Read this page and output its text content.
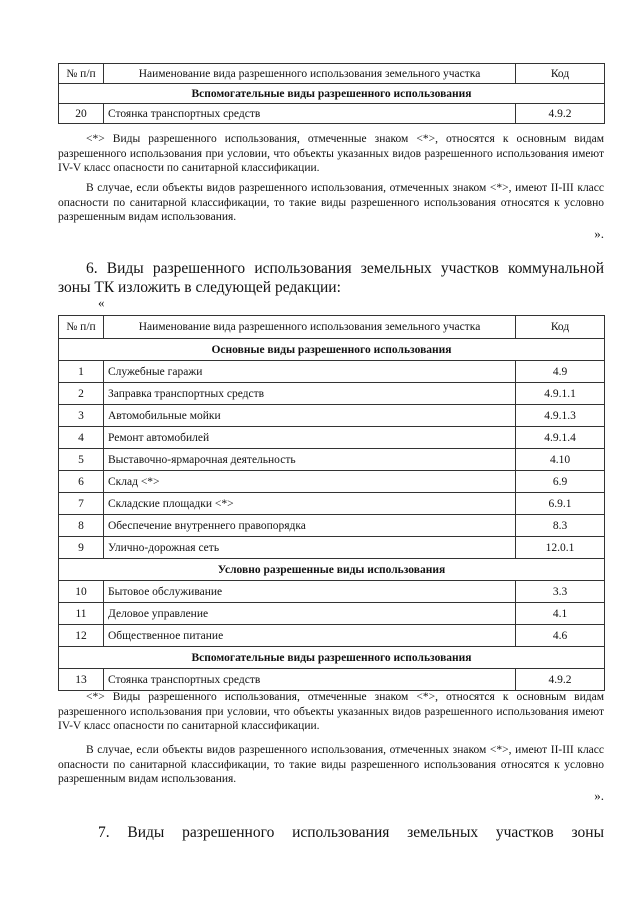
№ п/п	Наименование вида разрешенного использования земельного участка	Код
Вспомогательные виды разрешенного использования		
20	Стоянка транспортных средств	4.9.2
<*> Виды разрешенного использования, отмеченные знаком <*>, относятся к основным видам разрешенного использования при условии, что объекты указанных видов разрешенного использования имеют IV-V класс опасности по санитарной классификации.
В случае, если объекты видов разрешенного использования, отмеченных знаком <*>, имеют II-III класс опасности по санитарной классификации, то такие виды разрешенного использования относятся к условно разрешенным видам использования.
».
6. Виды разрешенного использования земельных участков коммунальной зоны ТК изложить в следующей редакции:
«
№ п/п	Наименование вида разрешенного использования земельного участка	Код
Основные виды разрешенного использования		
1	Служебные гаражи	4.9
2	Заправка транспортных средств	4.9.1.1
3	Автомобильные мойки	4.9.1.3
4	Ремонт автомобилей	4.9.1.4
5	Выставочно-ярмарочная деятельность	4.10
6	Склад <*>	6.9
7	Складские площадки <*>	6.9.1
8	Обеспечение внутреннего правопорядка	8.3
9	Улично-дорожная сеть	12.0.1
Условно разрешенные виды использования		
10	Бытовое обслуживание	3.3
11	Деловое управление	4.1
12	Общественное питание	4.6
Вспомогательные виды разрешенного использования		
13	Стоянка транспортных средств	4.9.2
<*> Виды разрешенного использования, отмеченные знаком <*>, относятся к основным видам разрешенного использования при условии, что объекты указанных видов разрешенного использования имеют IV-V класс опасности по санитарной классификации.
В случае, если объекты видов разрешенного использования, отмеченных знаком <*>, имеют II-III класс опасности по санитарной классификации, то такие виды разрешенного использования относятся к условно разрешенным видам использования.
».
7. Виды разрешенного использования земельных участков зоны
